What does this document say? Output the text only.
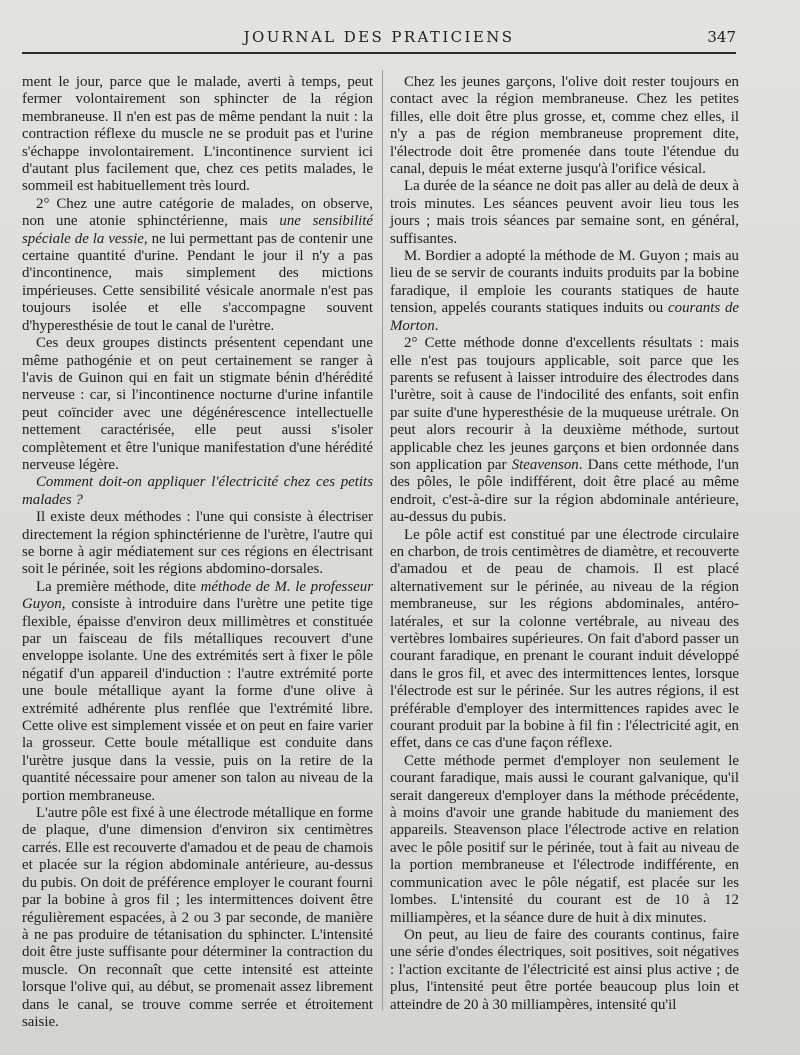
JOURNAL DES PRATICIENS	347

ment le jour, parce que le malade, averti à temps, peut fermer volontairement son sphincter de la région membraneuse. Il n'en est pas de même pendant la nuit : la contraction réflexe du muscle ne se produit pas et l'urine s'échappe involontairement. L'incontinence survient ici d'autant plus facilement que, chez ces petits malades, le sommeil est habituellement très lourd.

2° Chez une autre catégorie de malades, on observe, non une atonie sphinctérienne, mais une sensibilité spéciale de la vessie, ne lui permettant pas de contenir une certaine quantité d'urine. Pendant le jour il n'y a pas d'incontinence, mais simplement des mictions impérieuses. Cette sensibilité vésicale anormale n'est pas toujours isolée et elle s'accompagne souvent d'hyperesthésie de tout le canal de l'urètre.

Ces deux groupes distincts présentent cependant une même pathogénie et on peut certainement se ranger à l'avis de Guinon qui en fait un stigmate bénin d'hérédité nerveuse : car, si l'incontinence nocturne d'urine infantile peut coïncider avec une dégénérescence intellectuelle nettement caractérisée, elle peut aussi s'isoler complètement et être l'unique manifestation d'une hérédité nerveuse légère.

Comment doit-on appliquer l'électricité chez ces petits malades ?

Il existe deux méthodes : l'une qui consiste à électriser directement la région sphinctérienne de l'urètre, l'autre qui se borne à agir médiatement sur ces régions en électrisant soit le périnée, soit les régions abdomino-dorsales.

La première méthode, dite méthode de M. le professeur Guyon, consiste à introduire dans l'urètre une petite tige flexible, épaisse d'environ deux millimètres et constituée par un faisceau de fils métalliques recouvert d'une enveloppe isolante. Une des extrémités sert à fixer le pôle négatif d'un appareil d'induction : l'autre extrémité porte une boule métallique ayant la forme d'une olive à extrémité adhérente plus renflée que l'extrémité libre. Cette olive est simplement vissée et on peut en faire varier la grosseur. Cette boule métallique est conduite dans l'urètre jusque dans la vessie, puis on la retire de la quantité nécessaire pour amener son talon au niveau de la portion membraneuse.

L'autre pôle est fixé à une électrode métallique en forme de plaque, d'une dimension d'environ six centimètres carrés. Elle est recouverte d'amadou et de peau de chamois et placée sur la région abdominale antérieure, au-dessus du pubis. On doit de préférence employer le courant fourni par la bobine à gros fil ; les intermittences doivent être régulièrement espacées, à 2 ou 3 par seconde, de manière à ne pas produire de tétanisation du sphincter. L'intensité doit être juste suffisante pour déterminer la contraction du muscle. On reconnaît que cette intensité est atteinte lorsque l'olive qui, au début, se promenait assez librement dans le canal, se trouve comme serrée et étroitement saisie.

Chez les jeunes garçons, l'olive doit rester toujours en contact avec la région membraneuse. Chez les petites filles, elle doit être plus grosse, et, comme chez elles, il n'y a pas de région membraneuse proprement dite, l'électrode doit être promenée dans toute l'étendue du canal, depuis le méat externe jusqu'à l'orifice vésical.

La durée de la séance ne doit pas aller au delà de deux à trois minutes. Les séances peuvent avoir lieu tous les jours ; mais trois séances par semaine sont, en général, suffisantes.

M. Bordier a adopté la méthode de M. Guyon ; mais au lieu de se servir de courants induits produits par la bobine faradique, il emploie les courants statiques de haute tension, appelés courants statiques induits ou courants de Morton.

2° Cette méthode donne d'excellents résultats : mais elle n'est pas toujours applicable, soit parce que les parents se refusent à laisser introduire des électrodes dans l'urètre, soit à cause de l'indocilité des enfants, soit enfin par suite d'une hyperesthésie de la muqueuse urétrale. On peut alors recourir à la deuxième méthode, surtout applicable chez les jeunes garçons et bien ordonnée dans son application par Steavenson. Dans cette méthode, l'un des pôles, le pôle indifférent, doit être placé au même endroit, c'est-à-dire sur la région abdominale antérieure, au-dessus du pubis.

Le pôle actif est constitué par une électrode circulaire en charbon, de trois centimètres de diamètre, et recouverte d'amadou et de peau de chamois. Il est placé alternativement sur le périnée, au niveau de la région membraneuse, sur les régions abdominales, antéro-latérales, et sur la colonne vertébrale, au niveau des vertèbres lombaires supérieures. On fait d'abord passer un courant faradique, en prenant le courant induit développé dans le gros fil, et avec des intermittences lentes, lorsque l'électrode est sur le périnée. Sur les autres régions, il est préférable d'employer des intermittences rapides avec le courant produit par la bobine à fil fin : l'électricité agit, en effet, dans ce cas d'une façon réflexe.

Cette méthode permet d'employer non seulement le courant faradique, mais aussi le courant galvanique, qu'il serait dangereux d'employer dans la méthode précédente, à moins d'avoir une grande habitude du maniement des appareils. Steavenson place l'électrode active en relation avec le pôle positif sur le périnée, tout à fait au niveau de la portion membraneuse et l'électrode indifférente, en communication avec le pôle négatif, est placée sur les lombes. L'intensité du courant est de 10 à 12 milliampères, et la séance dure de huit à dix minutes.

On peut, au lieu de faire des courants continus, faire une série d'ondes électriques, soit positives, soit négatives : l'action excitante de l'électricité est ainsi plus active ; de plus, l'intensité peut être portée beaucoup plus loin et atteindre de 20 à 30 milliampères, intensité qu'il
